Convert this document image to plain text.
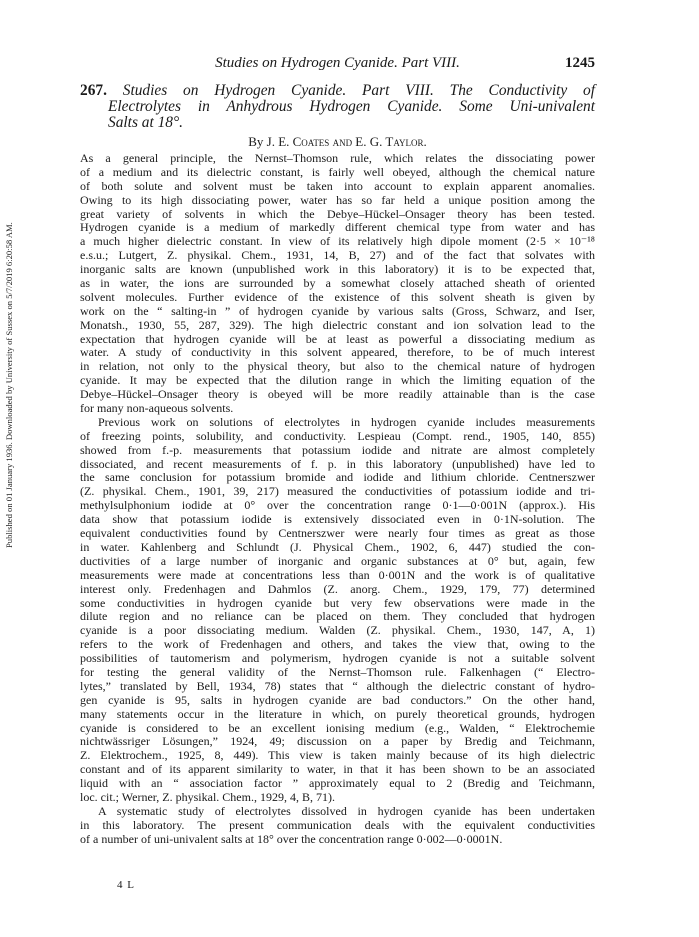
Published on 01 January 1936. Downloaded by University of Sussex on 5/7/2019 6:20:58 AM.
Studies on Hydrogen Cyanide. Part VIII.	1245
267. Studies on Hydrogen Cyanide. Part VIII. The Conductivity of
Electrolytes in Anhydrous Hydrogen Cyanide. Some Uni-univalent
Salts at 18°.
By J. E. Coates and E. G. Taylor.
As a general principle, the Nernst–Thomson rule, which relates the dissociating power
of a medium and its dielectric constant, is fairly well obeyed, although the chemical nature
of both solute and solvent must be taken into account to explain apparent anomalies.
Owing to its high dissociating power, water has so far held a unique position among the
great variety of solvents in which the Debye–Hückel–Onsager theory has been tested.
Hydrogen cyanide is a medium of markedly different chemical type from water and has
a much higher dielectric constant. In view of its relatively high dipole moment (2·5 × 10⁻¹⁸
e.s.u.; Lutgert, Z. physikal. Chem., 1931, 14, B, 27) and of the fact that solvates with
inorganic salts are known (unpublished work in this laboratory) it is to be expected that,
as in water, the ions are surrounded by a somewhat closely attached sheath of oriented
solvent molecules. Further evidence of the existence of this solvent sheath is given by
work on the “ salting-in ” of hydrogen cyanide by various salts (Gross, Schwarz, and Iser,
Monatsh., 1930, 55, 287, 329). The high dielectric constant and ion solvation lead to the
expectation that hydrogen cyanide will be at least as powerful a dissociating medium as
water. A study of conductivity in this solvent appeared, therefore, to be of much interest
in relation, not only to the physical theory, but also to the chemical nature of hydrogen
cyanide. It may be expected that the dilution range in which the limiting equation of the
Debye–Hückel–Onsager theory is obeyed will be more readily attainable than is the case
for many non-aqueous solvents.
Previous work on solutions of electrolytes in hydrogen cyanide includes measurements
of freezing points, solubility, and conductivity. Lespieau (Compt. rend., 1905, 140, 855)
showed from f.-p. measurements that potassium iodide and nitrate are almost completely
dissociated, and recent measurements of f. p. in this laboratory (unpublished) have led to
the same conclusion for potassium bromide and iodide and lithium chloride. Centnerszwer
(Z. physikal. Chem., 1901, 39, 217) measured the conductivities of potassium iodide and tri-
methylsulphonium iodide at 0° over the concentration range 0·1—0·001N (approx.). His
data show that potassium iodide is extensively dissociated even in 0·1N-solution. The
equivalent conductivities found by Centnerszwer were nearly four times as great as those
in water. Kahlenberg and Schlundt (J. Physical Chem., 1902, 6, 447) studied the con-
ductivities of a large number of inorganic and organic substances at 0° but, again, few
measurements were made at concentrations less than 0·001N and the work is of qualitative
interest only. Fredenhagen and Dahmlos (Z. anorg. Chem., 1929, 179, 77) determined
some conductivities in hydrogen cyanide but very few observations were made in the
dilute region and no reliance can be placed on them. They concluded that hydrogen
cyanide is a poor dissociating medium. Walden (Z. physikal. Chem., 1930, 147, A, 1)
refers to the work of Fredenhagen and others, and takes the view that, owing to the
possibilities of tautomerism and polymerism, hydrogen cyanide is not a suitable solvent
for testing the general validity of the Nernst–Thomson rule. Falkenhagen (“ Electro-
lytes,” translated by Bell, 1934, 78) states that “ although the dielectric constant of hydro-
gen cyanide is 95, salts in hydrogen cyanide are bad conductors.” On the other hand,
many statements occur in the literature in which, on purely theoretical grounds, hydrogen
cyanide is considered to be an excellent ionising medium (e.g., Walden, “ Elektrochemie
nichtwässriger Lösungen,” 1924, 49; discussion on a paper by Bredig and Teichmann,
Z. Elektrochem., 1925, 8, 449). This view is taken mainly because of its high dielectric
constant and of its apparent similarity to water, in that it has been shown to be an associated
liquid with an “ association factor ” approximately equal to 2 (Bredig and Teichmann,
loc. cit.; Werner, Z. physikal. Chem., 1929, 4, B, 71).
A systematic study of electrolytes dissolved in hydrogen cyanide has been undertaken
in this laboratory. The present communication deals with the equivalent conductivities
of a number of uni-univalent salts at 18° over the concentration range 0·002—0·0001N.
4 L
